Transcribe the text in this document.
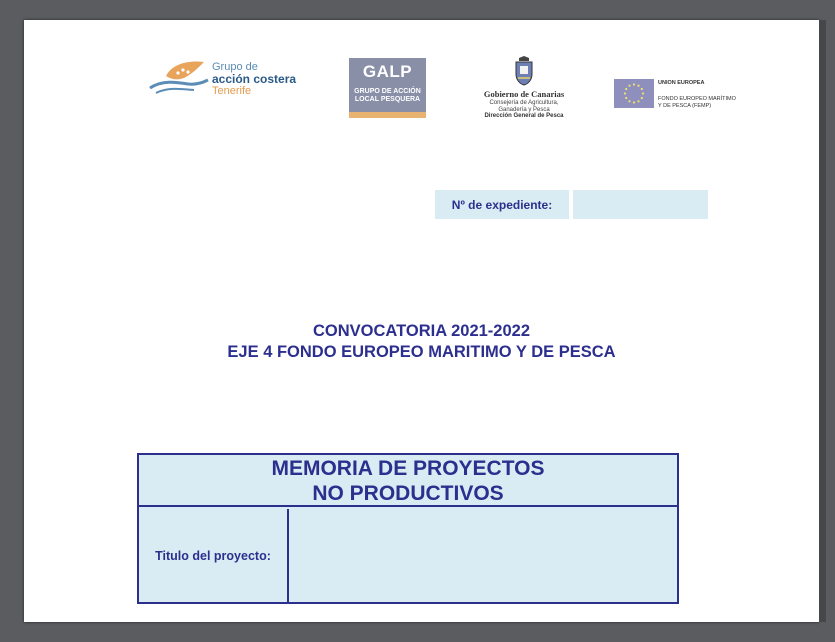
Grupo de
acción costera
Tenerife
GALP
GRUPO DE ACCIÓN
LOCAL PESQUERA
Gobierno de Canarias
Consejería de Agricultura,
Ganadería y Pesca
Dirección General de Pesca
UNION EUROPEA
FONDO EUROPEO MARÍTIMO
Y DE PESCA (FEMP)
Nº de expediente:
CONVOCATORIA 2021-2022
EJE 4 FONDO EUROPEO MARITIMO Y DE PESCA
MEMORIA DE PROYECTOS
NO PRODUCTIVOS
Titulo del proyecto:
